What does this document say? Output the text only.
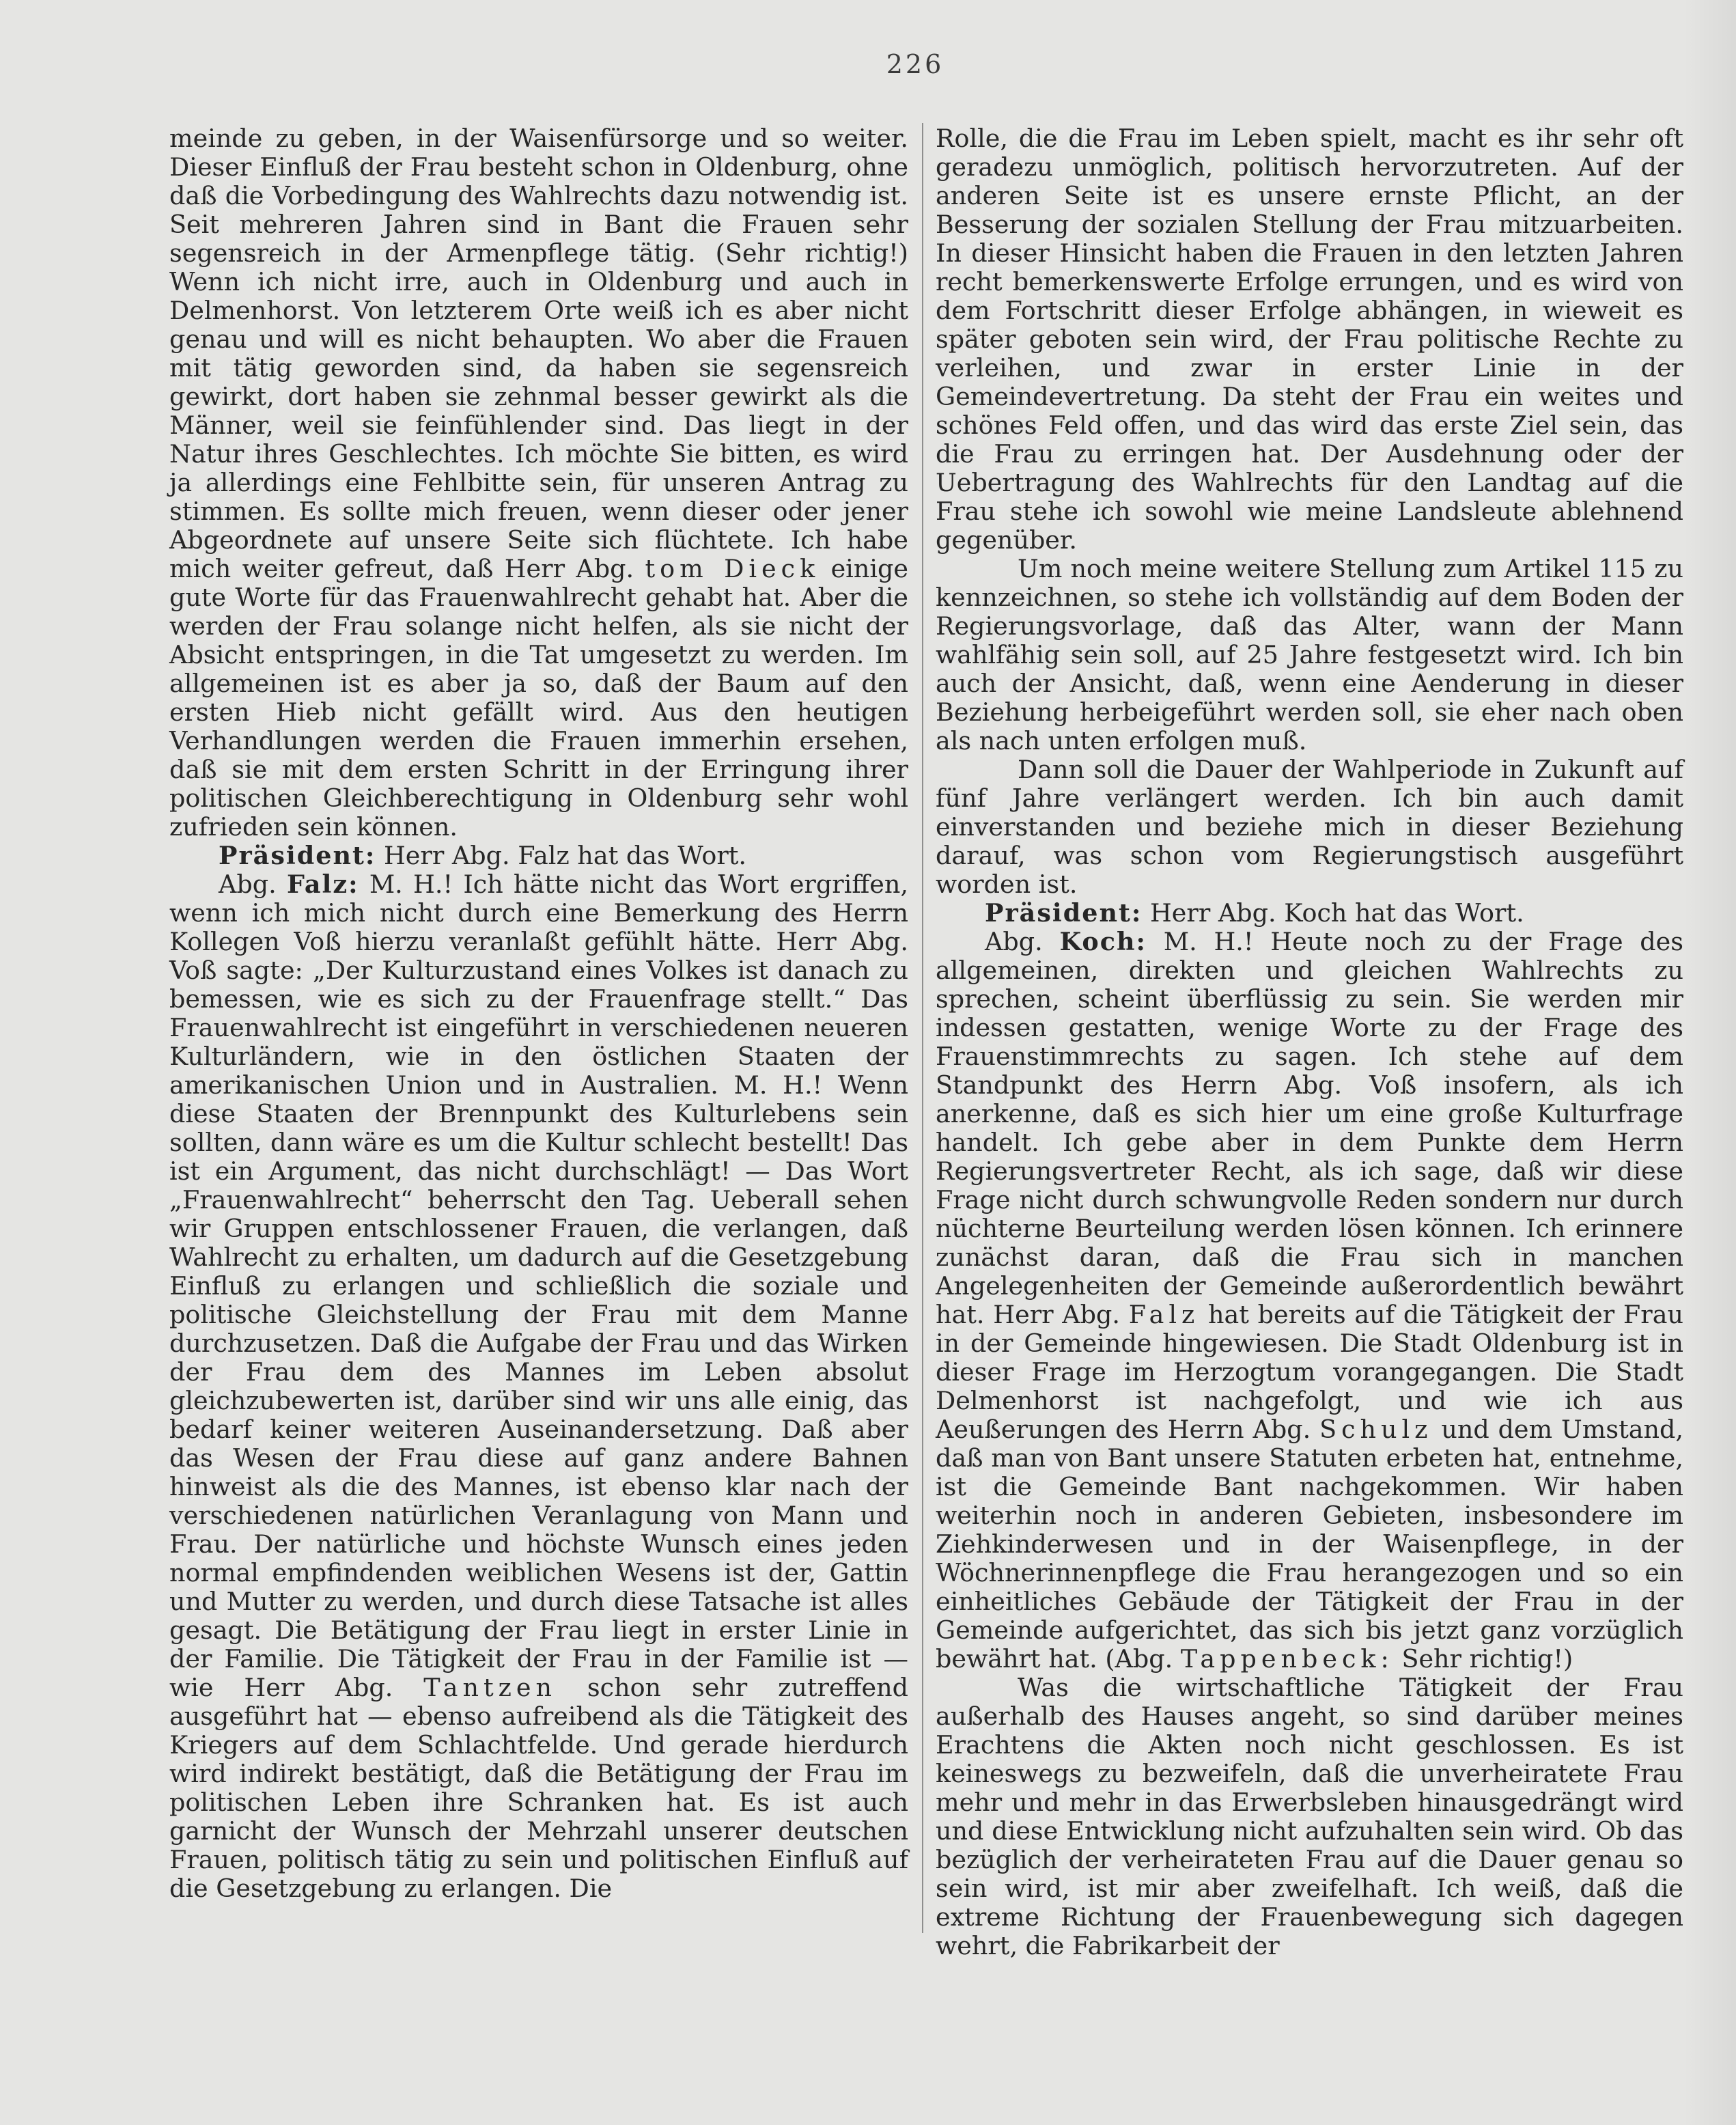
226

meinde zu geben, in der Waisenfürsorge und so weiter. Dieser Einfluß der Frau besteht schon in Oldenburg, ohne daß die Vorbedingung des Wahlrechts dazu notwendig ist. Seit mehreren Jahren sind in Bant die Frauen sehr segensreich in der Armenpflege tätig. (Sehr richtig!) Wenn ich nicht irre, auch in Oldenburg und auch in Delmenhorst. Von letzterem Orte weiß ich es aber nicht genau und will es nicht behaupten. Wo aber die Frauen mit tätig geworden sind, da haben sie segensreich gewirkt, dort haben sie zehnmal besser gewirkt als die Männer, weil sie feinfühlender sind. Das liegt in der Natur ihres Geschlechtes. Ich möchte Sie bitten, es wird ja allerdings eine Fehlbitte sein, für unseren Antrag zu stimmen. Es sollte mich freuen, wenn dieser oder jener Abgeordnete auf unsere Seite sich flüchtete. Ich habe mich weiter gefreut, daß Herr Abg. tom Dieck einige gute Worte für das Frauenwahlrecht gehabt hat. Aber die werden der Frau solange nicht helfen, als sie nicht der Absicht entspringen, in die Tat umgesetzt zu werden. Im allgemeinen ist es aber ja so, daß der Baum auf den ersten Hieb nicht gefällt wird. Aus den heutigen Verhandlungen werden die Frauen immerhin ersehen, daß sie mit dem ersten Schritt in der Erringung ihrer politischen Gleichberechtigung in Oldenburg sehr wohl zufrieden sein können.

Präsident: Herr Abg. Falz hat das Wort.

Abg. Falz: M. H.! Ich hätte nicht das Wort ergriffen, wenn ich mich nicht durch eine Bemerkung des Herrn Kollegen Voß hierzu veranlaßt gefühlt hätte. Herr Abg. Voß sagte: „Der Kulturzustand eines Volkes ist danach zu bemessen, wie es sich zu der Frauenfrage stellt.“ Das Frauenwahlrecht ist eingeführt in verschiedenen neueren Kulturländern, wie in den östlichen Staaten der amerikanischen Union und in Australien. M. H.! Wenn diese Staaten der Brennpunkt des Kulturlebens sein sollten, dann wäre es um die Kultur schlecht bestellt! Das ist ein Argument, das nicht durchschlägt! — Das Wort „Frauenwahlrecht“ beherrscht den Tag. Ueberall sehen wir Gruppen entschlossener Frauen, die verlangen, daß Wahlrecht zu erhalten, um dadurch auf die Gesetzgebung Einfluß zu erlangen und schließlich die soziale und politische Gleichstellung der Frau mit dem Manne durchzusetzen. Daß die Aufgabe der Frau und das Wirken der Frau dem des Mannes im Leben absolut gleichzubewerten ist, darüber sind wir uns alle einig, das bedarf keiner weiteren Auseinandersetzung. Daß aber das Wesen der Frau diese auf ganz andere Bahnen hinweist als die des Mannes, ist ebenso klar nach der verschiedenen natürlichen Veranlagung von Mann und Frau. Der natürliche und höchste Wunsch eines jeden normal empfindenden weiblichen Wesens ist der, Gattin und Mutter zu werden, und durch diese Tatsache ist alles gesagt. Die Betätigung der Frau liegt in erster Linie in der Familie. Die Tätigkeit der Frau in der Familie ist — wie Herr Abg. Tantzen schon sehr zutreffend ausgeführt hat — ebenso aufreibend als die Tätigkeit des Kriegers auf dem Schlachtfelde. Und gerade hierdurch wird indirekt bestätigt, daß die Betätigung der Frau im politischen Leben ihre Schranken hat. Es ist auch garnicht der Wunsch der Mehrzahl unserer deutschen Frauen, politisch tätig zu sein und politischen Einfluß auf die Gesetzgebung zu erlangen. Die

Rolle, die die Frau im Leben spielt, macht es ihr sehr oft geradezu unmöglich, politisch hervorzutreten. Auf der anderen Seite ist es unsere ernste Pflicht, an der Besserung der sozialen Stellung der Frau mitzuarbeiten. In dieser Hinsicht haben die Frauen in den letzten Jahren recht bemerkenswerte Erfolge errungen, und es wird von dem Fortschritt dieser Erfolge abhängen, in wieweit es später geboten sein wird, der Frau politische Rechte zu verleihen, und zwar in erster Linie in der Gemeindevertretung. Da steht der Frau ein weites und schönes Feld offen, und das wird das erste Ziel sein, das die Frau zu erringen hat. Der Ausdehnung oder der Uebertragung des Wahlrechts für den Landtag auf die Frau stehe ich sowohl wie meine Landsleute ablehnend gegenüber.

Um noch meine weitere Stellung zum Artikel 115 zu kennzeichnen, so stehe ich vollständig auf dem Boden der Regierungsvorlage, daß das Alter, wann der Mann wahlfähig sein soll, auf 25 Jahre festgesetzt wird. Ich bin auch der Ansicht, daß, wenn eine Aenderung in dieser Beziehung herbeigeführt werden soll, sie eher nach oben als nach unten erfolgen muß.

Dann soll die Dauer der Wahlperiode in Zukunft auf fünf Jahre verlängert werden. Ich bin auch damit einverstanden und beziehe mich in dieser Beziehung darauf, was schon vom Regierungstisch ausgeführt worden ist.

Präsident: Herr Abg. Koch hat das Wort.

Abg. Koch: M. H.! Heute noch zu der Frage des allgemeinen, direkten und gleichen Wahlrechts zu sprechen, scheint überflüssig zu sein. Sie werden mir indessen gestatten, wenige Worte zu der Frage des Frauenstimmrechts zu sagen. Ich stehe auf dem Standpunkt des Herrn Abg. Voß insofern, als ich anerkenne, daß es sich hier um eine große Kulturfrage handelt. Ich gebe aber in dem Punkte dem Herrn Regierungsvertreter Recht, als ich sage, daß wir diese Frage nicht durch schwungvolle Reden sondern nur durch nüchterne Beurteilung werden lösen können. Ich erinnere zunächst daran, daß die Frau sich in manchen Angelegenheiten der Gemeinde außerordentlich bewährt hat. Herr Abg. Falz hat bereits auf die Tätigkeit der Frau in der Gemeinde hingewiesen. Die Stadt Oldenburg ist in dieser Frage im Herzogtum vorangegangen. Die Stadt Delmenhorst ist nachgefolgt, und wie ich aus Aeußerungen des Herrn Abg. Schulz und dem Umstand, daß man von Bant unsere Statuten erbeten hat, entnehme, ist die Gemeinde Bant nachgekommen. Wir haben weiterhin noch in anderen Gebieten, insbesondere im Ziehkinderwesen und in der Waisenpflege, in der Wöchnerinnenpflege die Frau herangezogen und so ein einheitliches Gebäude der Tätigkeit der Frau in der Gemeinde aufgerichtet, das sich bis jetzt ganz vorzüglich bewährt hat. (Abg. Tappenbeck: Sehr richtig!)

Was die wirtschaftliche Tätigkeit der Frau außerhalb des Hauses angeht, so sind darüber meines Erachtens die Akten noch nicht geschlossen. Es ist keineswegs zu bezweifeln, daß die unverheiratete Frau mehr und mehr in das Erwerbsleben hinausgedrängt wird und diese Entwicklung nicht aufzuhalten sein wird. Ob das bezüglich der verheirateten Frau auf die Dauer genau so sein wird, ist mir aber zweifelhaft. Ich weiß, daß die extreme Richtung der Frauenbewegung sich dagegen wehrt, die Fabrikarbeit der
